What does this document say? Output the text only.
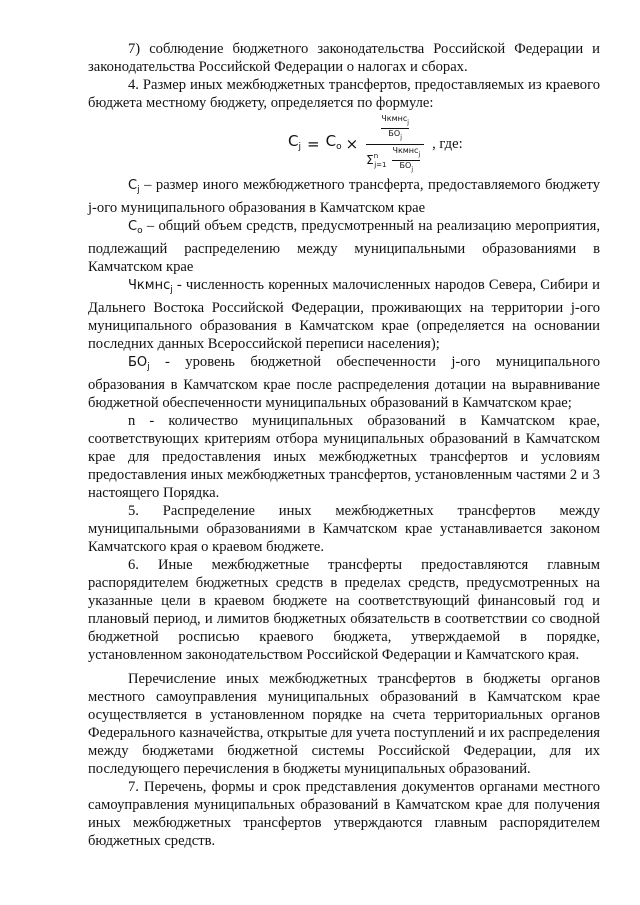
7) соблюдение бюджетного законодательства Российской Федерации и законодательства Российской Федерации о налогах и сборах.

4. Размер иных межбюджетных трансфертов, предоставляемых из краевого бюджета местному бюджету, определяется по формуле:

$C_j = C_o$ ×
$\frac{Чкмнс_j}{БО_j}$
$\Sigma^n_{j=1} \frac{Чкмнс_j}{БО_j}$
, где:

$C_j$ – размер иного межбюджетного трансферта, предоставляемого бюджету j-ого муниципального образования в Камчатском крае

$C_o$ – общий объем средств, предусмотренный на реализацию мероприятия, подлежащий распределению между муниципальными образованиями в Камчатском крае

Чкмнс$_j$ - численность коренных малочисленных народов Севера, Сибири и Дальнего Востока Российской Федерации, проживающих на территории j-ого муниципального образования в Камчатском крае (определяется на основании последних данных Всероссийской переписи населения);

$БО_j$ - уровень бюджетной обеспеченности j-ого муниципального образования в Камчатском крае после распределения дотации на выравнивание бюджетной обеспеченности муниципальных образований в Камчатском крае;

n - количество муниципальных образований в Камчатском крае, соответствующих критериям отбора муниципальных образований в Камчатском крае для предоставления иных межбюджетных трансфертов и условиям предоставления иных межбюджетных трансфертов, установленным частями 2 и 3 настоящего Порядка.

5. Распределение иных межбюджетных трансфертов между муниципальными образованиями в Камчатском крае устанавливается законом Камчатского края о краевом бюджете.

6. Иные межбюджетные трансферты предоставляются главным распорядителем бюджетных средств в пределах средств, предусмотренных на указанные цели в краевом бюджете на соответствующий финансовый год и плановый период, и лимитов бюджетных обязательств в соответствии со сводной бюджетной росписью краевого бюджета, утверждаемой в порядке, установленном законодательством Российской Федерации и Камчатского края.

Перечисление иных межбюджетных трансфертов в бюджеты органов местного самоуправления муниципальных образований в Камчатском крае осуществляется в установленном порядке на счета территориальных органов Федерального казначейства, открытые для учета поступлений и их распределения между бюджетами бюджетной системы Российской Федерации, для их последующего перечисления в бюджеты муниципальных образований.

7. Перечень, формы и срок представления документов органами местного самоуправления муниципальных образований в Камчатском крае для получения иных межбюджетных трансфертов утверждаются главным распорядителем бюджетных средств.
